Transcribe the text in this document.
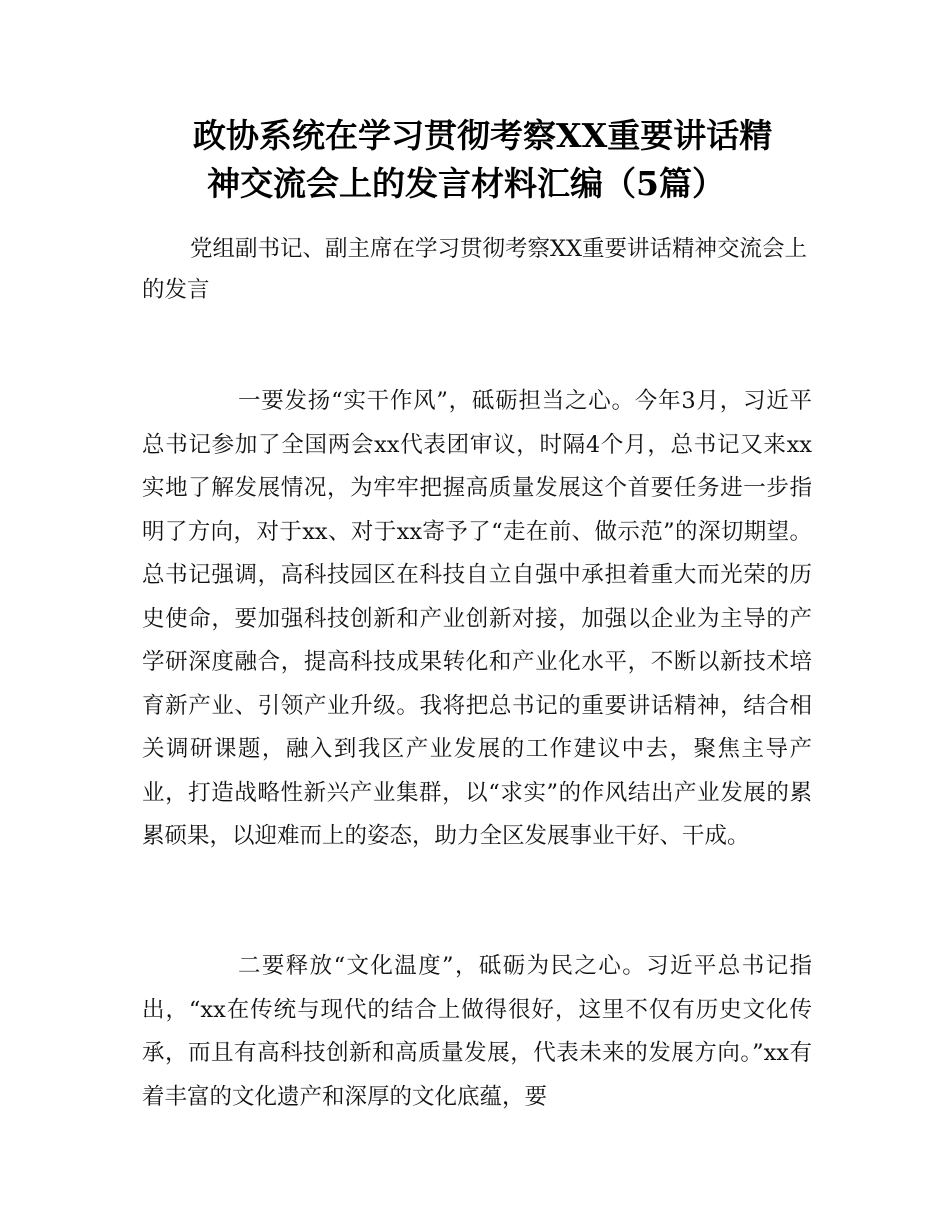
政协系统在学习贯彻考察XX重要讲话精
神交流会上的发言材料汇编（5篇）

党组副书记、副主席在学习贯彻考察XX重要讲话精神交流会上的发言

一要发扬“实干作风”，砥砺担当之心。今年3月，习近平总书记参加了全国两会xx代表团审议，时隔4个月，总书记又来xx实地了解发展情况，为牢牢把握高质量发展这个首要任务进一步指明了方向，对于xx、对于xx寄予了“走在前、做示范”的深切期望。总书记强调，高科技园区在科技自立自强中承担着重大而光荣的历史使命，要加强科技创新和产业创新对接，加强以企业为主导的产学研深度融合，提高科技成果转化和产业化水平，不断以新技术培育新产业、引领产业升级。我将把总书记的重要讲话精神，结合相关调研课题，融入到我区产业发展的工作建议中去，聚焦主导产业，打造战略性新兴产业集群，以“求实”的作风结出产业发展的累累硕果，以迎难而上的姿态，助力全区发展事业干好、干成。

二要释放“文化温度”，砥砺为民之心。习近平总书记指出，“xx在传统与现代的结合上做得很好，这里不仅有历史文化传承，而且有高科技创新和高质量发展，代表未来的发展方向。”xx有着丰富的文化遗产和深厚的文化底蕴，要
